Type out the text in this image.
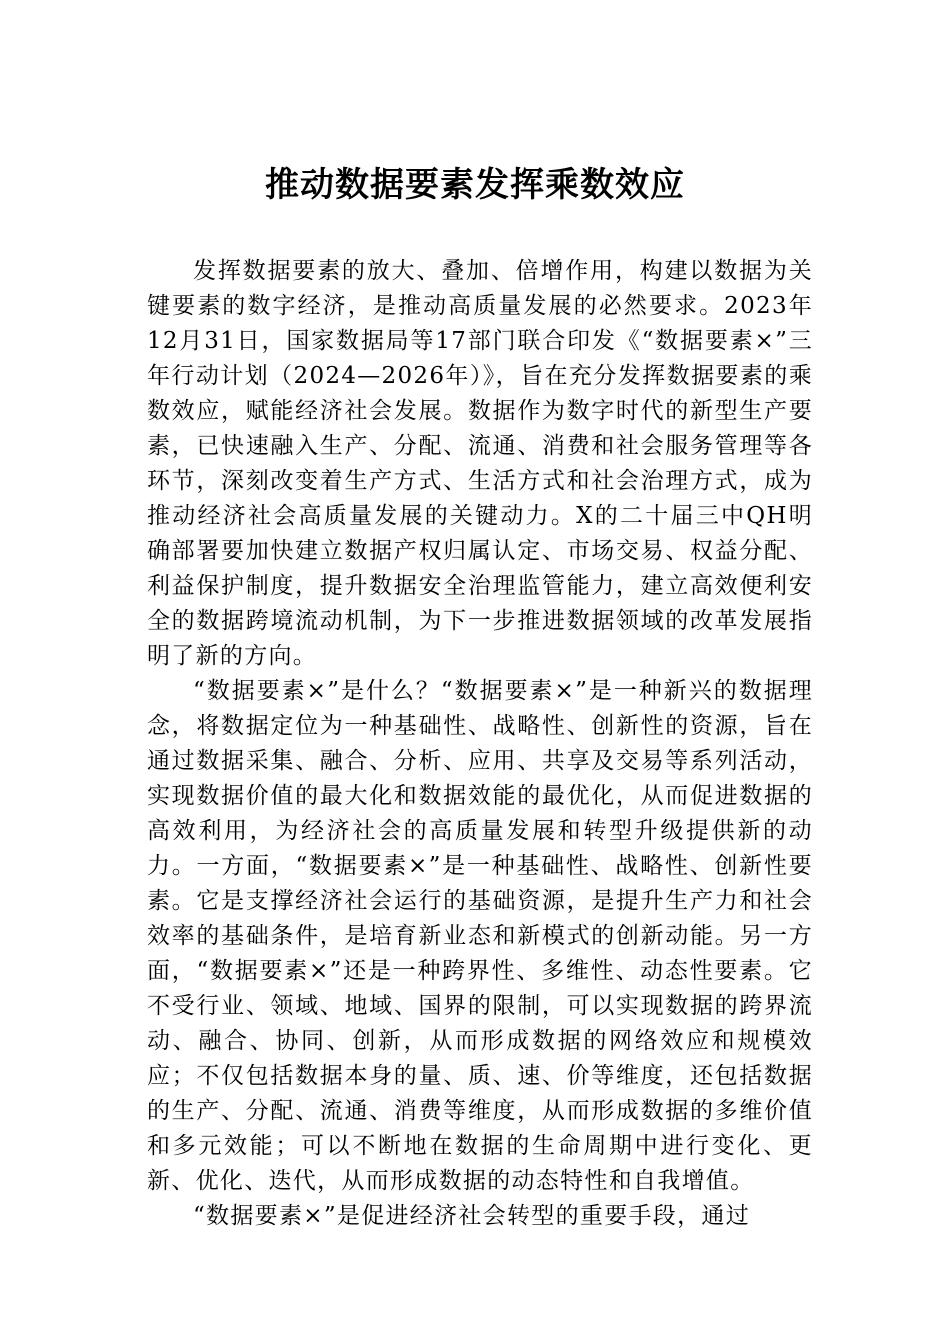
推动数据要素发挥乘数效应

发挥数据要素的放大、叠加、倍增作用，构建以数据为关键要素的数字经济，是推动高质量发展的必然要求。2023年12月31日，国家数据局等17部门联合印发《“数据要素×”三年行动计划（2024—2026年）》，旨在充分发挥数据要素的乘数效应，赋能经济社会发展。数据作为数字时代的新型生产要素，已快速融入生产、分配、流通、消费和社会服务管理等各环节，深刻改变着生产方式、生活方式和社会治理方式，成为推动经济社会高质量发展的关键动力。X的二十届三中QH明确部署要加快建立数据产权归属认定、市场交易、权益分配、利益保护制度，提升数据安全治理监管能力，建立高效便利安全的数据跨境流动机制，为下一步推进数据领域的改革发展指明了新的方向。

“数据要素×”是什么？“数据要素×”是一种新兴的数据理念，将数据定位为一种基础性、战略性、创新性的资源，旨在通过数据采集、融合、分析、应用、共享及交易等系列活动，实现数据价值的最大化和数据效能的最优化，从而促进数据的高效利用，为经济社会的高质量发展和转型升级提供新的动力。一方面，“数据要素×”是一种基础性、战略性、创新性要素。它是支撑经济社会运行的基础资源，是提升生产力和社会效率的基础条件，是培育新业态和新模式的创新动能。另一方面，“数据要素×”还是一种跨界性、多维性、动态性要素。它不受行业、领域、地域、国界的限制，可以实现数据的跨界流动、融合、协同、创新，从而形成数据的网络效应和规模效应；不仅包括数据本身的量、质、速、价等维度，还包括数据的生产、分配、流通、消费等维度，从而形成数据的多维价值和多元效能；可以不断地在数据的生命周期中进行变化、更新、优化、迭代，从而形成数据的动态特性和自我增值。

“数据要素×”是促进经济社会转型的重要手段，通过
